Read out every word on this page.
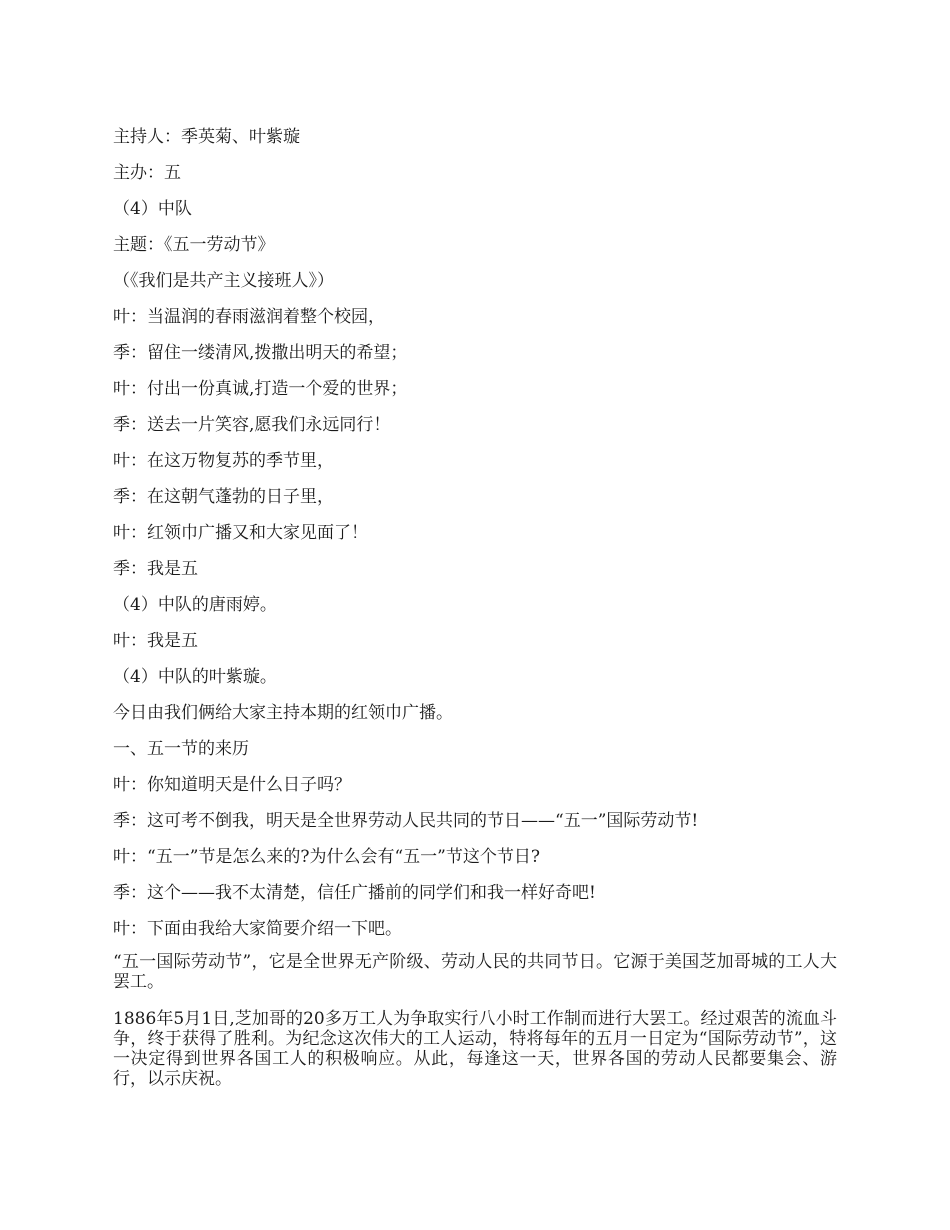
主持人：季英菊、叶紫璇
主办：五
（4）中队
主题：《五一劳动节》
（《我们是共产主义接班人》）
叶：当温润的春雨滋润着整个校园，
季：留住一缕清风,拨撒出明天的希望；
叶：付出一份真诚,打造一个爱的世界；
季：送去一片笑容,愿我们永远同行！
叶：在这万物复苏的季节里，
季：在这朝气蓬勃的日子里，
叶：红领巾广播又和大家见面了！
季：我是五
（4）中队的唐雨婷。
叶：我是五
（4）中队的叶紫璇。
今日由我们俩给大家主持本期的红领巾广播。
一、五一节的来历
叶：你知道明天是什么日子吗？
季：这可考不倒我，明天是全世界劳动人民共同的节日——“五一”国际劳动节!
叶：“五一”节是怎么来的?为什么会有“五一”节这个节日?
季：这个——我不太清楚，信任广播前的同学们和我一样好奇吧!
叶：下面由我给大家简要介绍一下吧。

“五一国际劳动节”，它是全世界无产阶级、劳动人民的共同节日。它源于美国芝加哥城的工人大罢工。

1886年5月1日,芝加哥的20多万工人为争取实行八小时工作制而进行大罢工。经过艰苦的流血斗争，终于获得了胜利。为纪念这次伟大的工人运动，特将每年的五月一日定为“国际劳动节”，这一决定得到世界各国工人的积极响应。从此，每逢这一天，世界各国的劳动人民都要集会、游行，以示庆祝。
